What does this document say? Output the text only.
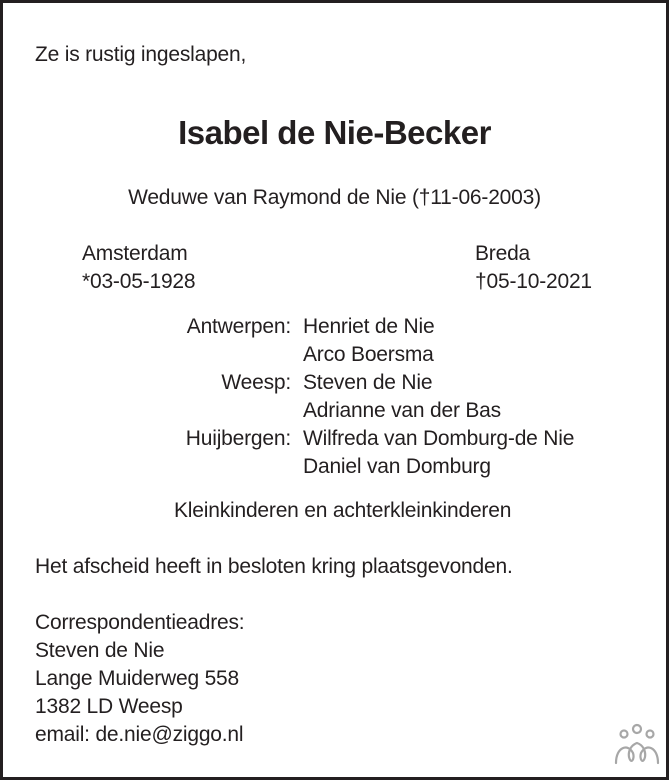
Ze is rustig ingeslapen,
Isabel de Nie-Becker
Weduwe van Raymond de Nie (†11-06-2003)
Amsterdam
*03-05-1928
Breda
†05-10-2021
Antwerpen: Henriet de Nie
Arco Boersma
Weesp: Steven de Nie
Adrianne van der Bas
Huijbergen: Wilfreda van Domburg-de Nie
Daniel van Domburg
Kleinkinderen en achterkleinkinderen
Het afscheid heeft in besloten kring plaatsgevonden.
Correspondentieadres:
Steven de Nie
Lange Muiderweg 558
1382 LD Weesp
email: de.nie@ziggo.nl
